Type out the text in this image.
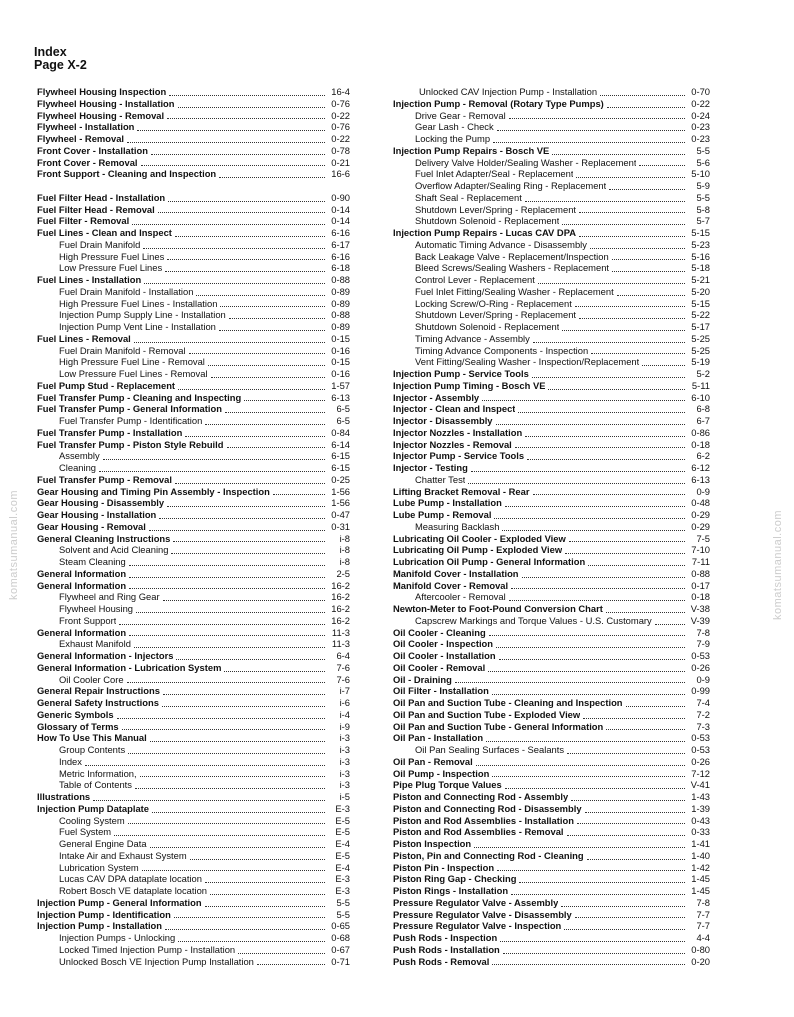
Index
Page X-2
komatsumanual.com	komatsumanual.com
Flywheel Housing Inspection	16-4
Flywheel Housing - Installation	0-76
Flywheel Housing - Removal	0-22
Flywheel - Installation	0-76
Flywheel - Removal	0-22
Front Cover - Installation	0-78
Front Cover - Removal	0-21
Front Support - Cleaning and Inspection	16-6
Fuel Filter Head - Installation	0-90
Fuel Filter Head - Removal	0-14
Fuel Filter - Removal	0-14
Fuel Lines - Clean and Inspect	6-16
Fuel Drain Manifold	6-17
High Pressure Fuel Lines	6-16
Low Pressure Fuel Lines	6-18
Fuel Lines - Installation	0-88
Fuel Drain Manifold - Installation	0-89
High Pressure Fuel Lines - Installation	0-89
Injection Pump Supply Line - Installation	0-88
Injection Pump Vent Line - Installation	0-89
Fuel Lines - Removal	0-15
Fuel Drain Manifold - Removal	0-16
High Pressure Fuel Line - Removal	0-15
Low Pressure Fuel Lines - Removal	0-16
Fuel Pump Stud - Replacement	1-57
Fuel Transfer Pump - Cleaning and Inspecting	6-13
Fuel Transfer Pump - General Information	6-5
Fuel Transfer Pump - Identification	6-5
Fuel Transfer Pump - Installation	0-84
Fuel Transfer Pump - Piston Style Rebuild	6-14
Assembly	6-15
Cleaning	6-15
Fuel Transfer Pump - Removal	0-25
Gear Housing and Timing Pin Assembly - Inspection	1-56
Gear Housing - Disassembly	1-56
Gear Housing - Installation	0-47
Gear Housing - Removal	0-31
General Cleaning Instructions	i-8
Solvent and Acid Cleaning	i-8
Steam Cleaning	i-8
General Information	2-5
General Information	16-2
Flywheel and Ring Gear	16-2
Flywheel Housing	16-2
Front Support	16-2
General Information	11-3
Exhaust Manifold	11-3
General Information - Injectors	6-4
General Information - Lubrication System	7-6
Oil Cooler Core	7-6
General Repair Instructions	i-7
General Safety Instructions	i-6
Generic Symbols	i-4
Glossary of Terms	i-9
How To Use This Manual	i-3
Group Contents	i-3
Index	i-3
Metric Information,	i-3
Table of Contents	i-3
Illustrations	i-5
Injection Pump Dataplate	E-3
Cooling System	E-5
Fuel System	E-5
General Engine Data	E-4
Intake Air and Exhaust System	E-5
Lubrication System	E-4
Lucas CAV DPA dataplate location	E-3
Robert Bosch VE dataplate location	E-3
Injection Pump - General Information	5-5
Injection Pump - Identification	5-5
Injection Pump - Installation	0-65
Injection Pumps - Unlocking	0-68
Locked Timed Injection Pump - Installation	0-67
Unlocked Bosch VE Injection Pump Installation	0-71
Unlocked CAV Injection Pump - Installation	0-70
Injection Pump - Removal (Rotary Type Pumps)	0-22
Drive Gear - Removal	0-24
Gear Lash - Check	0-23
Locking the Pump	0-23
Injection Pump Repairs - Bosch VE	5-5
Delivery Valve Holder/Sealing Washer - Replacement	5-6
Fuel Inlet Adapter/Seal - Replacement	5-10
Overflow Adapter/Sealing Ring - Replacement	5-9
Shaft Seal - Replacement	5-5
Shutdown Lever/Spring - Replacement	5-8
Shutdown Solenoid - Replacement	5-7
Injection Pump Repairs - Lucas CAV DPA	5-15
Automatic Timing Advance - Disassembly	5-23
Back Leakage Valve - Replacement/Inspection	5-16
Bleed Screws/Sealing Washers - Replacement	5-18
Control Lever - Replacement	5-21
Fuel Inlet Fitting/Sealing Washer - Replacement	5-20
Locking Screw/O-Ring - Replacement	5-15
Shutdown Lever/Spring - Replacement	5-22
Shutdown Solenoid - Replacement	5-17
Timing Advance - Assembly	5-25
Timing Advance Components - Inspection	5-25
Vent Fitting/Sealing Washer - Inspection/Replacement	5-19
Injection Pump - Service Tools	5-2
Injection Pump Timing - Bosch VE	5-11
Injector - Assembly	6-10
Injector - Clean and Inspect	6-8
Injector - Disassembly	6-7
Injector Nozzles - Installation	0-86
Injector Nozzles - Removal	0-18
Injector Pump - Service Tools	6-2
Injector - Testing	6-12
Chatter Test	6-13
Lifting Bracket Removal - Rear	0-9
Lube Pump - Installation	0-48
Lube Pump - Removal	0-29
Measuring Backlash	0-29
Lubricating Oil Cooler - Exploded View	7-5
Lubricating Oil Pump - Exploded View	7-10
Lubrication Oil Pump - General Information	7-11
Manifold Cover - Installation	0-88
Manifold Cover - Removal	0-17
Aftercooler - Removal	0-18
Newton-Meter to Foot-Pound Conversion Chart	V-38
Capscrew Markings and Torque Values - U.S. Customary	V-39
Oil Cooler - Cleaning	7-8
Oil Cooler - Inspection	7-9
Oil Cooler - Installation	0-53
Oil Cooler - Removal	0-26
Oil - Draining	0-9
Oil Filter - Installation	0-99
Oil Pan and Suction Tube - Cleaning and Inspection	7-4
Oil Pan and Suction Tube - Exploded View	7-2
Oil Pan and Suction Tube - General Information	7-3
Oil Pan - Installation	0-53
Oil Pan Sealing Surfaces - Sealants	0-53
Oil Pan - Removal	0-26
Oil Pump - Inspection	7-12
Pipe Plug Torque Values	V-41
Piston and Connecting Rod - Assembly	1-43
Piston and Connecting Rod - Disassembly	1-39
Piston and Rod Assemblies - Installation	0-43
Piston and Rod Assemblies - Removal	0-33
Piston Inspection	1-41
Piston, Pin and Connecting Rod - Cleaning	1-40
Piston Pin - Inspection	1-42
Piston Ring Gap - Checking	1-45
Piston Rings - Installation	1-45
Pressure Regulator Valve - Assembly	7-8
Pressure Regulator Valve - Disassembly	7-7
Pressure Regulator Valve - Inspection	7-7
Push Rods - Inspection	4-4
Push Rods - Installation	0-80
Push Rods - Removal	0-20
